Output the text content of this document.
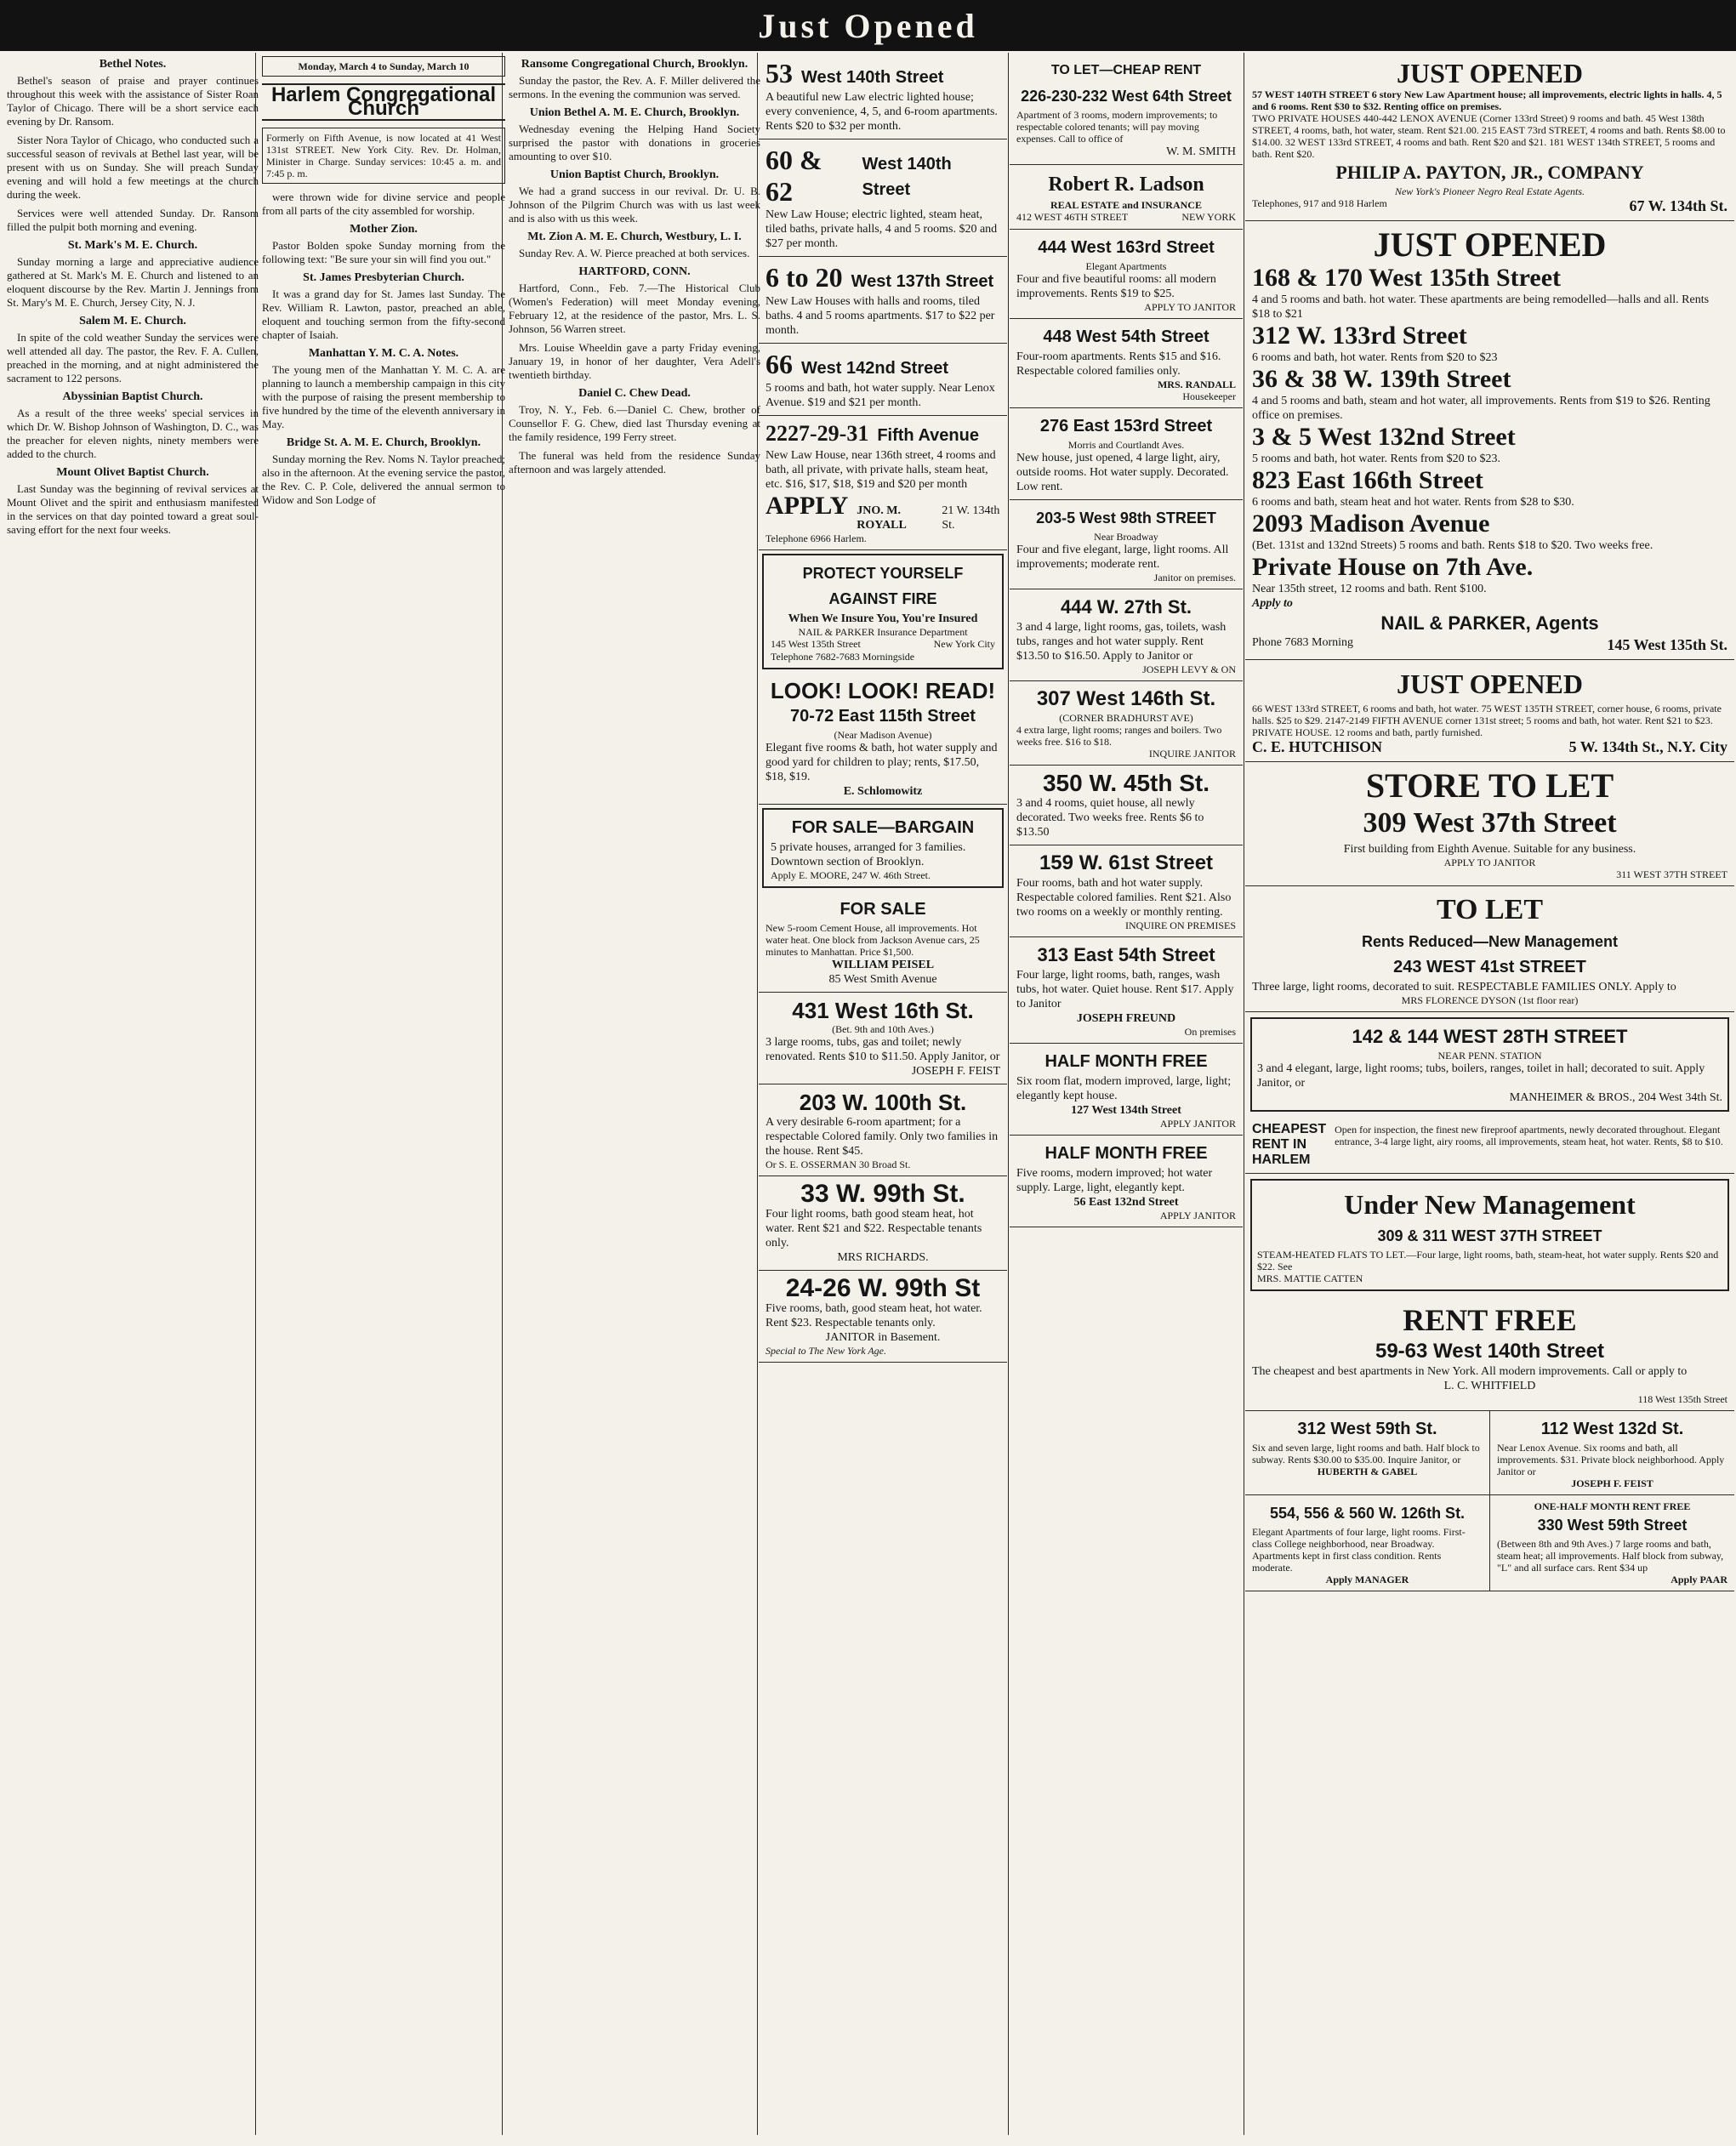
Just Opened
Bethel Notes.

Bethel's season of praise and prayer continues throughout this week with the assistance of Sister Roan Taylor of Chicago. There will be a short service each evening by Dr. Ransom.

Sister Nora Taylor of Chicago, who conducted such a successful season of revivals at Bethel last year, will be present with us on Sunday. She will preach Sunday evening and will hold a few meetings at the church during the week.

Services were well attended Sunday. Dr. Ransom filled the pulpit both morning and evening.

St. Mark's M. E. Church.

Sunday morning a large and appreciative audience gathered at St. Mark's M. E. Church and listened to an eloquent discourse by the Rev. Martin J. Jennings from St. Mary's M. E. Church, Jersey City, N. J.

Salem M. E. Church.

In spite of the cold weather Sunday the services were well attended all day. The pastor, the Rev. F. A. Cullen, preached in the morning, and at night administered the sacrament to 122 persons.

Abyssinian Baptist Church.

As a result of the three weeks' special services in which Dr. W. Bishop Johnson of Washington, D. C., was the preacher for eleven nights, ninety members were added to the church.

Mount Olivet Baptist Church.

Last Sunday was the beginning of revival services at Mount Olivet and the spirit and enthusiasm manifested in the services on that day pointed toward a great soul-saving effort for the next four weeks.

Monday, March 4 to Sunday, March 10
Harlem Congregational Church
Formerly on Fifth Avenue, is now located at 41 West 131st STREET. New York City. Rev. Dr. Holman, Minister in Charge. Sunday services: 10:45 a. m. and 7:45 p. m.

were thrown wide for divine service and people from all parts of the city assembled for worship.

Mother Zion.

Pastor Bolden spoke Sunday morning from the following text: "Be sure your sin will find you out."

St. James Presbyterian Church.

It was a grand day for St. James last Sunday. The Rev. William R. Lawton, pastor, preached an able, eloquent and touching sermon from the fifty-second chapter of Isaiah.

Manhattan Y. M. C. A. Notes.

The young men of the Manhattan Y. M. C. A. are planning to launch a membership campaign in this city with the purpose of raising the present membership to five hundred by the time of the eleventh anniversary in May.

Bridge St. A. M. E. Church, Brooklyn.

Sunday morning the Rev. Noms N. Taylor preached; also in the afternoon. At the evening service the pastor, the Rev. C. P. Cole, delivered the annual sermon to Widow and Son Lodge of

Ransome Congregational Church, Brooklyn.

Sunday the pastor, the Rev. A. F. Miller delivered the sermons. In the evening the communion was served.

Union Bethel A. M. E. Church, Brooklyn.

Wednesday evening the Helping Hand Society surprised the pastor with donations in groceries amounting to over $10.

Union Baptist Church, Brooklyn.

We had a grand success in our revival. Dr. U. B. Johnson of the Pilgrim Church was with us last week and is also with us this week.

Mt. Zion A. M. E. Church, Westbury, L. I.

Sunday Rev. A. W. Pierce preached at both services.

HARTFORD, CONN.

Hartford, Conn., Feb. 7.—The Historical Club (Women's Federation) will meet Monday evening, February 12, at the residence of the pastor, Mrs. L. S. Johnson, 56 Warren street.

Mrs. Louise Wheeldin gave a party Friday evening, January 19, in honor of her daughter, Vera Adell's twentieth birthday.

Daniel C. Chew Dead.

Troy, N. Y., Feb. 6.—Daniel C. Chew, brother of Counsellor F. G. Chew, died last Thursday evening at the family residence, 199 Ferry street.

The funeral was held from the residence Sunday afternoon and was largely attended.

53 West 140th Street
A beautiful new Law electric lighted house; every convenience, 4, 5, and 6-room apartments. Rents $20 to $32 per month.
60 & 62
West 140th Street
New Law House; electric lighted, steam heat, tiled baths, private halls, 4 and 5 rooms. $20 and $27 per month.
6 to 20 West 137th Street
New Law Houses with halls and rooms, tiled baths. 4 and 5 rooms apartments. $17 to $22 per month.
66 West 142nd Street
5 rooms and bath, hot water supply. Near Lenox Avenue. $19 and $21 per month.
2227-29-31 Fifth Avenue
New Law House, near 136th street, 4 rooms and bath, all private, with private halls, steam heat, etc. $16, $17, $18, $19 and $20 per month
APPLY JNO. M. ROYALL
21 W. 134th St.
Telephone 6966 Harlem.
PROTECT YOURSELF AGAINST FIRE
When We Insure You, You're Insured
NAIL & PARKER Insurance Department
145 West 135th Street	New York City
Telephone 7682-7683 Morningside
LOOK! LOOK! READ!
70-72 East 115th Street
(Near Madison Avenue)
Elegant five rooms & bath, hot water supply and good yard for children to play; rents, $17.50, $18, $19.
E. Schlomowitz
FOR SALE—BARGAIN
5 private houses, arranged for 3 families. Downtown section of Brooklyn.
Apply E. MOORE, 247 W. 46th Street.
FOR SALE
New 5-room Cement House, all improvements. Hot water heat. One block from Jackson Avenue cars, 25 minutes to Manhattan. Price $1,500.
WILLIAM PEISEL
85 West Smith Avenue
431 West 16th St.
(Bet. 9th and 10th Aves.)
3 large rooms, tubs, gas and toilet; newly renovated. Rents $10 to $11.50. Apply Janitor, or
JOSEPH F. FEIST
203 W. 100th St.
A very desirable 6-room apartment; for a respectable Colored family. Only two families in the house. Rent $45.
Or S. E. OSSERMAN 30 Broad St.
33 W. 99th St.
Four light rooms, bath good steam heat, hot water. Rent $21 and $22. Respectable tenants only.
MRS RICHARDS.
24-26 W. 99th St
Five rooms, bath, good steam heat, hot water. Rent $23. Respectable tenants only.
JANITOR in Basement.
Special to The New York Age.
TO LET—CHEAP RENT
226-230-232 West 64th Street
Apartment of 3 rooms, modern improvements; to respectable colored tenants; will pay moving expenses. Call to office of
W. M. SMITH
Robert R. Ladson
REAL ESTATE and INSURANCE
412 WEST 46TH STREET	NEW YORK
444 West 163rd Street
Elegant Apartments
Four and five beautiful rooms: all modern improvements. Rents $19 to $25.
APPLY TO JANITOR
448 West 54th Street
Four-room apartments. Rents $15 and $16. Respectable colored families only.
MRS. RANDALL
Housekeeper
276 East 153rd Street
Morris and Courtlandt Aves.
New house, just opened, 4 large light, airy, outside rooms. Hot water supply. Decorated. Low rent.
203-5 West 98th STREET
Near Broadway
Four and five elegant, large, light rooms. All improvements; moderate rent.
Janitor on premises.
444 W. 27th St.
3 and 4 large, light rooms, gas, toilets, wash tubs, ranges and hot water supply. Rent $13.50 to $16.50. Apply to Janitor or
JOSEPH LEVY & ON
307 West 146th St.
(CORNER BRADHURST AVE)
4 extra large, light rooms; ranges and boilers. Two weeks free. $16 to $18.
INQUIRE JANITOR
350 W. 45th St.
3 and 4 rooms, quiet house, all newly decorated. Two weeks free. Rents $6 to $13.50
159 W. 61st Street
Four rooms, bath and hot water supply. Respectable colored families. Rent $21. Also two rooms on a weekly or monthly renting.
INQUIRE ON PREMISES
313 East 54th Street
Four large, light rooms, bath, ranges, wash tubs, hot water. Quiet house. Rent $17. Apply to Janitor
JOSEPH FREUND
On premises
HALF MONTH FREE
Six room flat, modern improved, large, light; elegantly kept house.
127 West 134th Street
APPLY JANITOR
HALF MONTH FREE
Five rooms, modern improved; hot water supply. Large, light, elegantly kept.
56 East 132nd Street
APPLY JANITOR
JUST OPENED
57 WEST 140TH STREET 6 story New Law Apartment house; all improvements, electric lights in halls. 4, 5 and 6 rooms. Rent $30 to $32. Renting office on premises.
TWO PRIVATE HOUSES 440-442 LENOX AVENUE (Corner 133rd Street) 9 rooms and bath. 45 West 138th STREET, 4 rooms, bath, hot water, steam. Rent $21.00. 215 EAST 73rd STREET, 4 rooms and bath. Rents $8.00 to $14.00. 32 WEST 133rd STREET, 4 rooms and bath. Rent $20 and $21. 181 WEST 134th STREET, 5 rooms and bath. Rent $20.
PHILIP A. PAYTON, JR., COMPANY
New York's Pioneer Negro Real Estate Agents.
Telephones, 917 and 918 Harlem	67 W. 134th St.
JUST OPENED
168 & 170 West 135th Street
4 and 5 rooms and bath. hot water. These apartments are being remodelled—halls and all. Rents $18 to $21
312 W. 133rd Street
6 rooms and bath, hot water. Rents from $20 to $23
36 & 38 W. 139th Street
4 and 5 rooms and bath, steam and hot water, all improvements. Rents from $19 to $26. Renting office on premises.
3 & 5 West 132nd Street
5 rooms and bath, hot water. Rents from $20 to $23.
823 East 166th Street
6 rooms and bath, steam heat and hot water. Rents from $28 to $30.
2093 Madison Avenue
(Bet. 131st and 132nd Streets) 5 rooms and bath. Rents $18 to $20. Two weeks free.
Private House on 7th Ave.
Near 135th street, 12 rooms and bath. Rent $100.
Apply to
NAIL & PARKER, Agents
Phone 7683 Morning	145 West 135th St.
JUST OPENED
66 WEST 133rd STREET, 6 rooms and bath, hot water. 75 WEST 135TH STREET, corner house, 6 rooms, private halls. $25 to $29. 2147-2149 FIFTH AVENUE corner 131st street; 5 rooms and bath, hot water. Rent $21 to $23. PRIVATE HOUSE. 12 rooms and bath, partly furnished.
C. E. HUTCHISON	5 W. 134th St., N.Y. City
STORE TO LET
309 West 37th Street
First building from Eighth Avenue. Suitable for any business.
APPLY TO JANITOR
311 WEST 37TH STREET
TO LET
Rents Reduced—New Management
243 WEST 41st STREET
Three large, light rooms, decorated to suit. RESPECTABLE FAMILIES ONLY. Apply to
MRS FLORENCE DYSON (1st floor rear)
142 & 144 WEST 28TH STREET
NEAR PENN. STATION
3 and 4 elegant, large, light rooms; tubs, boilers, ranges, toilet in hall; decorated to suit. Apply Janitor, or
MANHEIMER & BROS., 204 West 34th St.
CHEAPEST RENT IN HARLEM
Open for inspection, the finest new fireproof apartments, newly decorated throughout. Elegant entrance, 3-4 large light, airy rooms, all improvements, steam heat, hot water. Rents, $8 to $10.
Under New Management
309 & 311 WEST 37TH STREET
STEAM-HEATED FLATS TO LET.—Four large, light rooms, bath, steam-heat, hot water supply. Rents $20 and $22. See
MRS. MATTIE CATTEN
RENT FREE
59-63 West 140th Street
The cheapest and best apartments in New York. All modern improvements. Call or apply to
L. C. WHITFIELD
118 West 135th Street
312 West 59th St.
Six and seven large, light rooms and bath. Half block to subway. Rents $30.00 to $35.00. Inquire Janitor, or
HUBERTH & GABEL
112 West 132d St.
Near Lenox Avenue. Six rooms and bath, all improvements. $31. Private block neighborhood. Apply Janitor or
JOSEPH F. FEIST
554, 556 & 560 W. 126th St.
Elegant Apartments of four large, light rooms. First-class College neighborhood, near Broadway. Apartments kept in first class condition. Rents moderate.
Apply MANAGER
ONE-HALF MONTH RENT FREE
330 West 59th Street
(Between 8th and 9th Aves.) 7 large rooms and bath, steam heat; all improvements. Half block from subway, "L" and all surface cars. Rent $34 up
Apply PAAR
